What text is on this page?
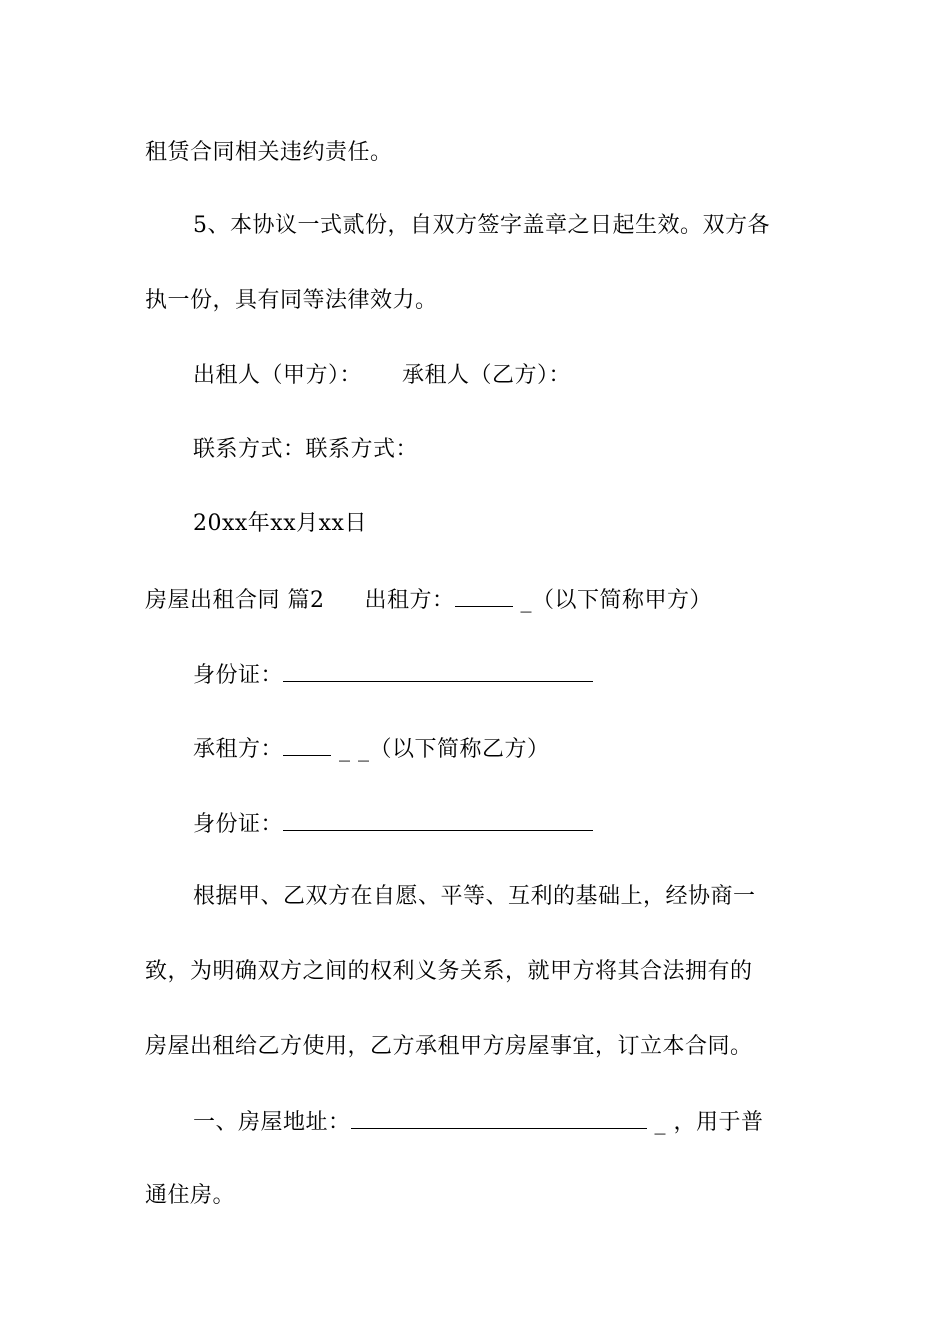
租赁合同相关违约责任。
5、本协议一式贰份，自双方签字盖章之日起生效。双方各
执一份，具有同等法律效力。
出租人（甲方）： 承租人（乙方）：
联系方式：联系方式：
20xx年xx月xx日
房屋出租合同 篇2 出租方：	_（以下简称甲方）
身份证：
承租方：	_ _（以下简称乙方）
身份证：
根据甲、乙双方在自愿、平等、互利的基础上，经协商一
致，为明确双方之间的权利义务关系，就甲方将其合法拥有的
房屋出租给乙方使用，乙方承租甲方房屋事宜，订立本合同。
一、房屋地址：	_ ，用于普
通住房。
